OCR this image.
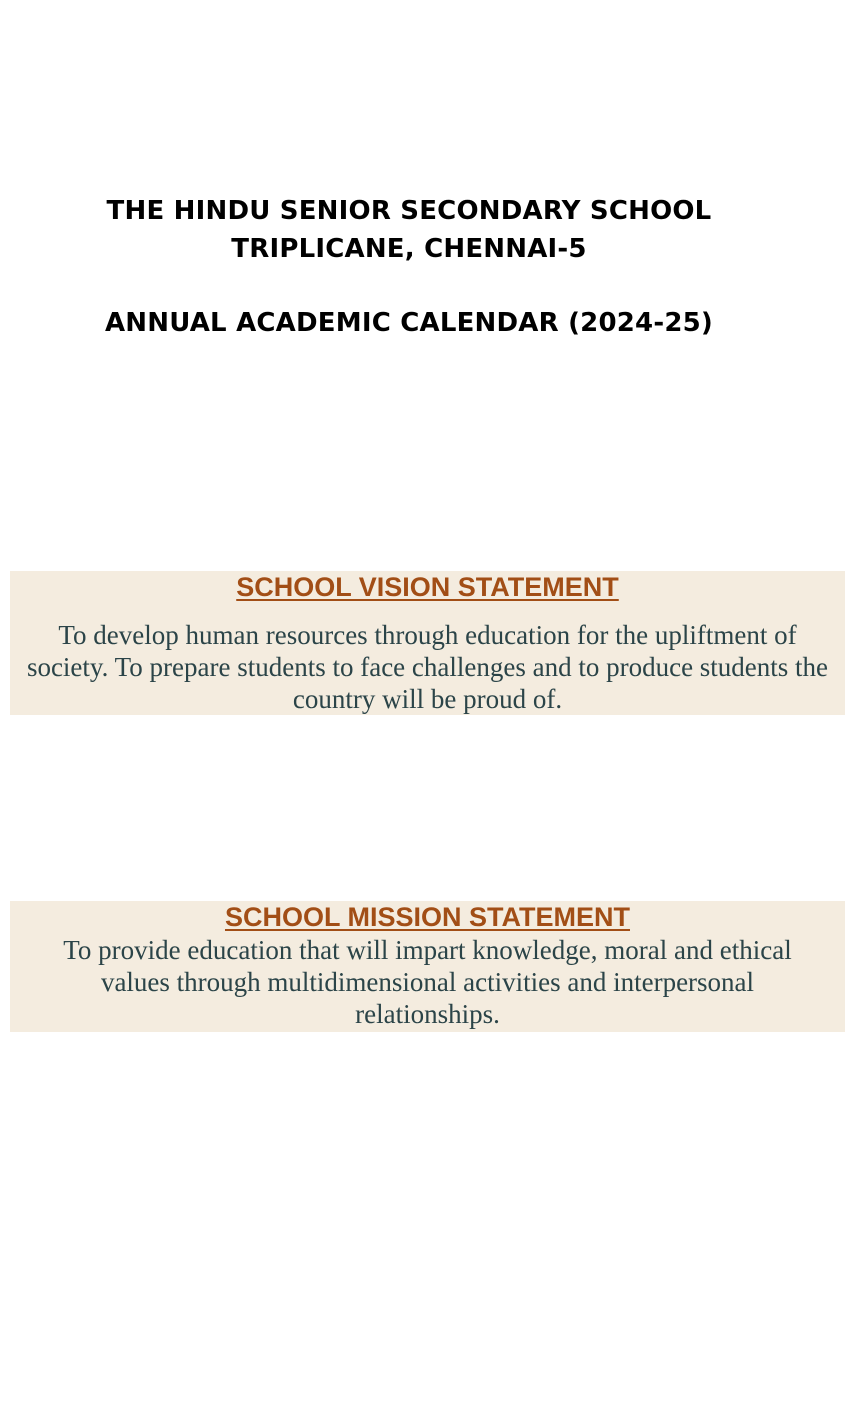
THE HINDU SENIOR SECONDARY SCHOOL
TRIPLICANE, CHENNAI-5
ANNUAL ACADEMIC CALENDAR (2024-25)
SCHOOL VISION STATEMENT
To develop human resources through education for the upliftment of society. To prepare students to face challenges and to produce students the country will be proud of.
SCHOOL MISSION STATEMENT
To provide education that will impart knowledge, moral and ethical values through multidimensional activities and interpersonal relationships.
